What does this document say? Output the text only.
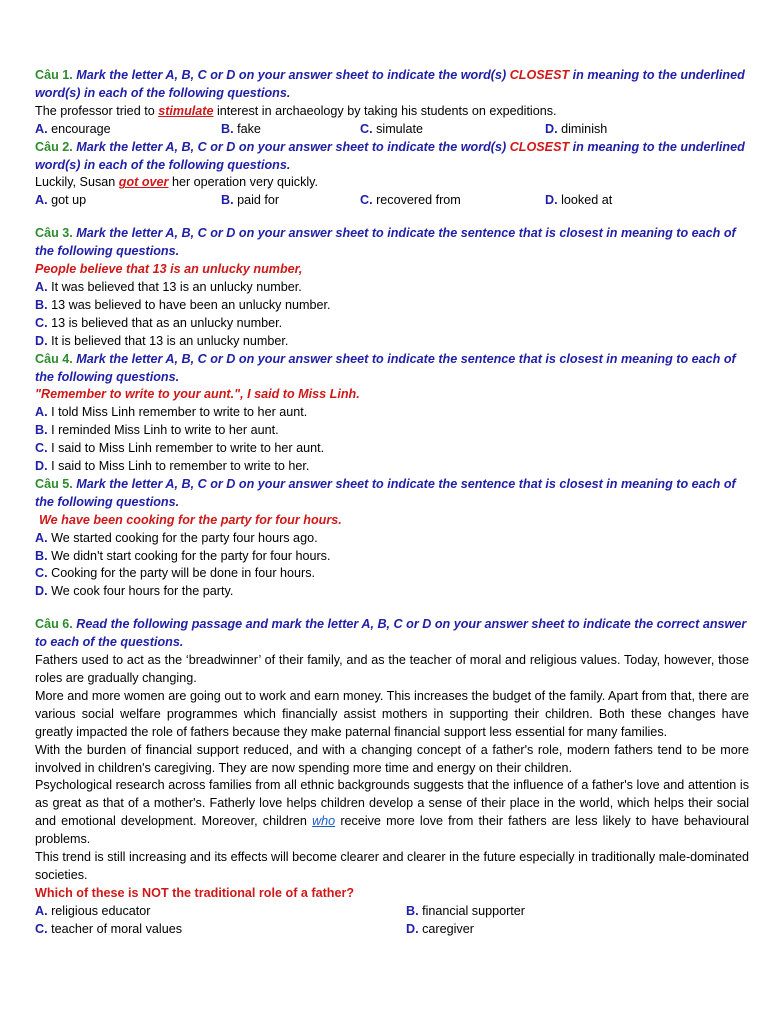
Câu 1. Mark the letter A, B, C or D on your answer sheet to indicate the word(s) CLOSEST in meaning to the underlined word(s) in each of the following questions.
The professor tried to stimulate interest in archaeology by taking his students on expeditions.
A. encourage	B. fake	C. simulate	D. diminish
Câu 2. Mark the letter A, B, C or D on your answer sheet to indicate the word(s) CLOSEST in meaning to the underlined word(s) in each of the following questions.
Luckily, Susan got over her operation very quickly.
A. got up	B. paid for	C. recovered from	D. looked at
Câu 3. Mark the letter A, B, C or D on your answer sheet to indicate the sentence that is closest in meaning to each of the following questions.
People believe that 13 is an unlucky number,
A. It was believed that 13 is an unlucky number.
B. 13 was believed to have been an unlucky number.
C. 13 is believed that as an unlucky number.
D. It is believed that 13 is an unlucky number.
Câu 4. Mark the letter A, B, C or D on your answer sheet to indicate the sentence that is closest in meaning to each of the following questions.
"Remember to write to your aunt.", I said to Miss Linh.
A. I told Miss Linh remember to write to her aunt.
B. I reminded Miss Linh to write to her aunt.
C. I said to Miss Linh remember to write to her aunt.
D. I said to Miss Linh to remember to write to her.
Câu 5. Mark the letter A, B, C or D on your answer sheet to indicate the sentence that is closest in meaning to each of the following questions.
We have been cooking for the party for four hours.
A. We started cooking for the party four hours ago.
B. We didn't start cooking for the party for four hours.
C. Cooking for the party will be done in four hours.
D. We cook four hours for the party.
Câu 6. Read the following passage and mark the letter A, B, C or D on your answer sheet to indicate the correct answer to each of the questions.

Fathers used to act as the ‘breadwinner’ of their family, and as the teacher of moral and religious values. Today, however, those roles are gradually changing.

More and more women are going out to work and earn money. This increases the budget of the family. Apart from that, there are various social welfare programmes which financially assist mothers in supporting their children. Both these changes have greatly impacted the role of fathers because they make paternal financial support less essential for many families.

With the burden of financial support reduced, and with a changing concept of a father's role, modern fathers tend to be more involved in children's caregiving. They are now spending more time and energy on their children.

Psychological research across families from all ethnic backgrounds suggests that the influence of a father's love and attention is as great as that of a mother's. Fatherly love helps children develop a sense of their place in the world, which helps their social and emotional development. Moreover, children who receive more love from their fathers are less likely to have behavioural problems.

This trend is still increasing and its effects will become clearer and clearer in the future especially in traditionally male-dominated societies.

Which of these is NOT the traditional role of a father?
A. religious educator	B. financial supporter
C. teacher of moral values	D. caregiver
